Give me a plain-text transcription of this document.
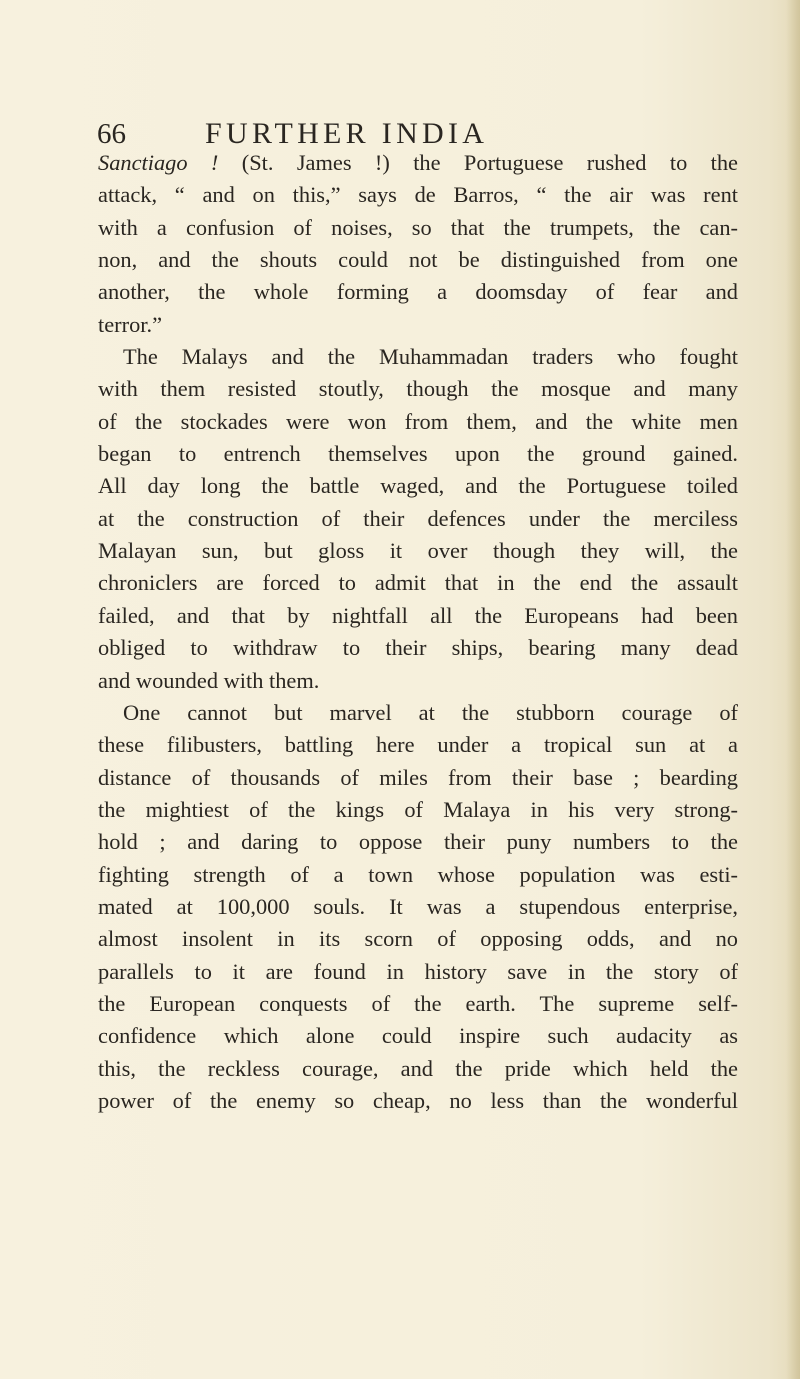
66	FURTHER INDIA
Sanctiago ! (St. James !) the Portuguese rushed to the
attack, “ and on this,” says de Barros, “ the air was rent
with a confusion of noises, so that the trumpets, the can-
non, and the shouts could not be distinguished from one
another, the whole forming a doomsday of fear and
terror.”
The Malays and the Muhammadan traders who fought
with them resisted stoutly, though the mosque and many
of the stockades were won from them, and the white men
began to entrench themselves upon the ground gained.
All day long the battle waged, and the Portuguese toiled
at the construction of their defences under the merciless
Malayan sun, but gloss it over though they will, the
chroniclers are forced to admit that in the end the assault
failed, and that by nightfall all the Europeans had been
obliged to withdraw to their ships, bearing many dead
and wounded with them.
One cannot but marvel at the stubborn courage of
these filibusters, battling here under a tropical sun at a
distance of thousands of miles from their base ; bearding
the mightiest of the kings of Malaya in his very strong-
hold ; and daring to oppose their puny numbers to the
fighting strength of a town whose population was esti-
mated at 100,000 souls. It was a stupendous enterprise,
almost insolent in its scorn of opposing odds, and no
parallels to it are found in history save in the story of
the European conquests of the earth. The supreme self-
confidence which alone could inspire such audacity as
this, the reckless courage, and the pride which held the
power of the enemy so cheap, no less than the wonderful
